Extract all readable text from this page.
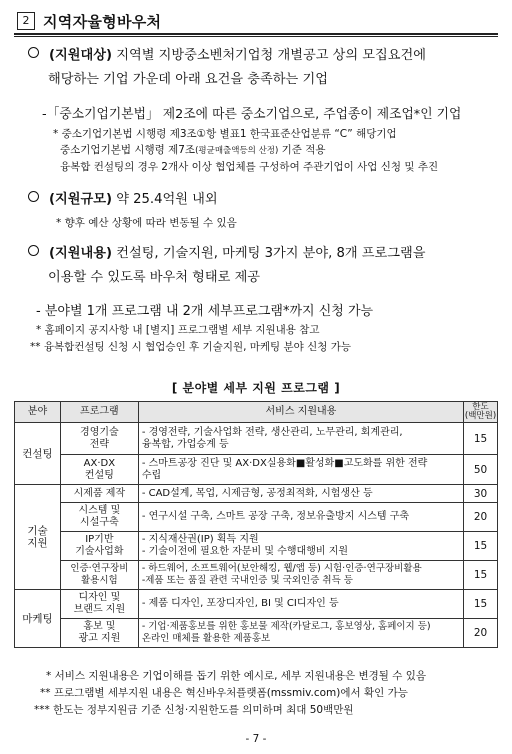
2 지역자율형바우처
(지원대상) 지역별 지방중소벤처기업청 개별공고 상의 모집요건에
해당하는 기업 가운데 아래 요건을 충족하는 기업
-「중소기업기본법」 제2조에 따른 중소기업으로, 주업종이 제조업*인 기업
* 중소기업기본법 시행령 제3조①항 별표1 한국표준산업분류 “C” 해당기업
중소기업기본법 시행령 제7조(평균매출액등의 산정) 기준 적용
융복합 컨설팅의 경우 2개사 이상 협업체를 구성하여 주관기업이 사업 신청 및 추진
(지원규모) 약 25.4억원 내외
* 향후 예산 상황에 따라 변동될 수 있음
(지원내용) 컨설팅, 기술지원, 마케팅 3가지 분야, 8개 프로그램을
이용할 수 있도록 바우처 형태로 제공
- 분야별 1개 프로그램 내 2개 세부프로그램*까지 신청 가능
* 홈페이지 공지사항 내 [별지] 프로그램별 세부 지원내용 참고
** 융복합컨설팅 신청 시 협업승인 후 기술지원, 마케팅 분야 신청 가능
[ 분야별 세부 지원 프로그램 ]
분야	프로그램	서비스 지원내용	한도
(백만원)

컨설팅	경영기술
전략	- 경영전략, 기술사업화 전략, 생산관리, 노무관리, 회계관리,
융복합, 가업승계 등	15
	AX·DX
컨설팅	- 스마트공장 진단 및 AX·DX실용화■활성화■고도화를 위한 전략
수립	50
기술
지원	시제품 제작	- CAD설계, 목업, 시제금형, 공정최적화, 시험생산 등	30
	시스템 및
시설구축	- 연구시설 구축, 스마트 공장 구축, 정보유출방지 시스템 구축	20
	IP기반
기술사업화	- 지식재산권(IP) 획득 지원
- 기술이전에 필요한 자문비 및 수행대행비 지원	15
	인증·연구장비
활용시험	- 하드웨어, 소프트웨어(보안해킹, 웹/앱 등) 시험·인증·연구장비활용
-제품 또는 품질 관련 국내인증 및 국외인증 취득 등	15
마케팅	디자인 및
브랜드 지원	- 제품 디자인, 포장디자인, BI 및 CI디자인 등	15
	홍보 및
광고 지원	- 기업·제품홍보를 위한 홍보물 제작(카달로그, 홍보영상, 홈페이지 등)
온라인 매체를 활용한 제품홍보	20
* 서비스 지원내용은 기업이해를 돕기 위한 예시로, 세부 지원내용은 변경될 수 있음
** 프로그램별 세부지원 내용은 혁신바우처플랫폼(mssmiv.com)에서 확인 가능
*** 한도는 정부지원금 기준 신청·지원한도를 의미하며 최대 50백만원
- 7 -
